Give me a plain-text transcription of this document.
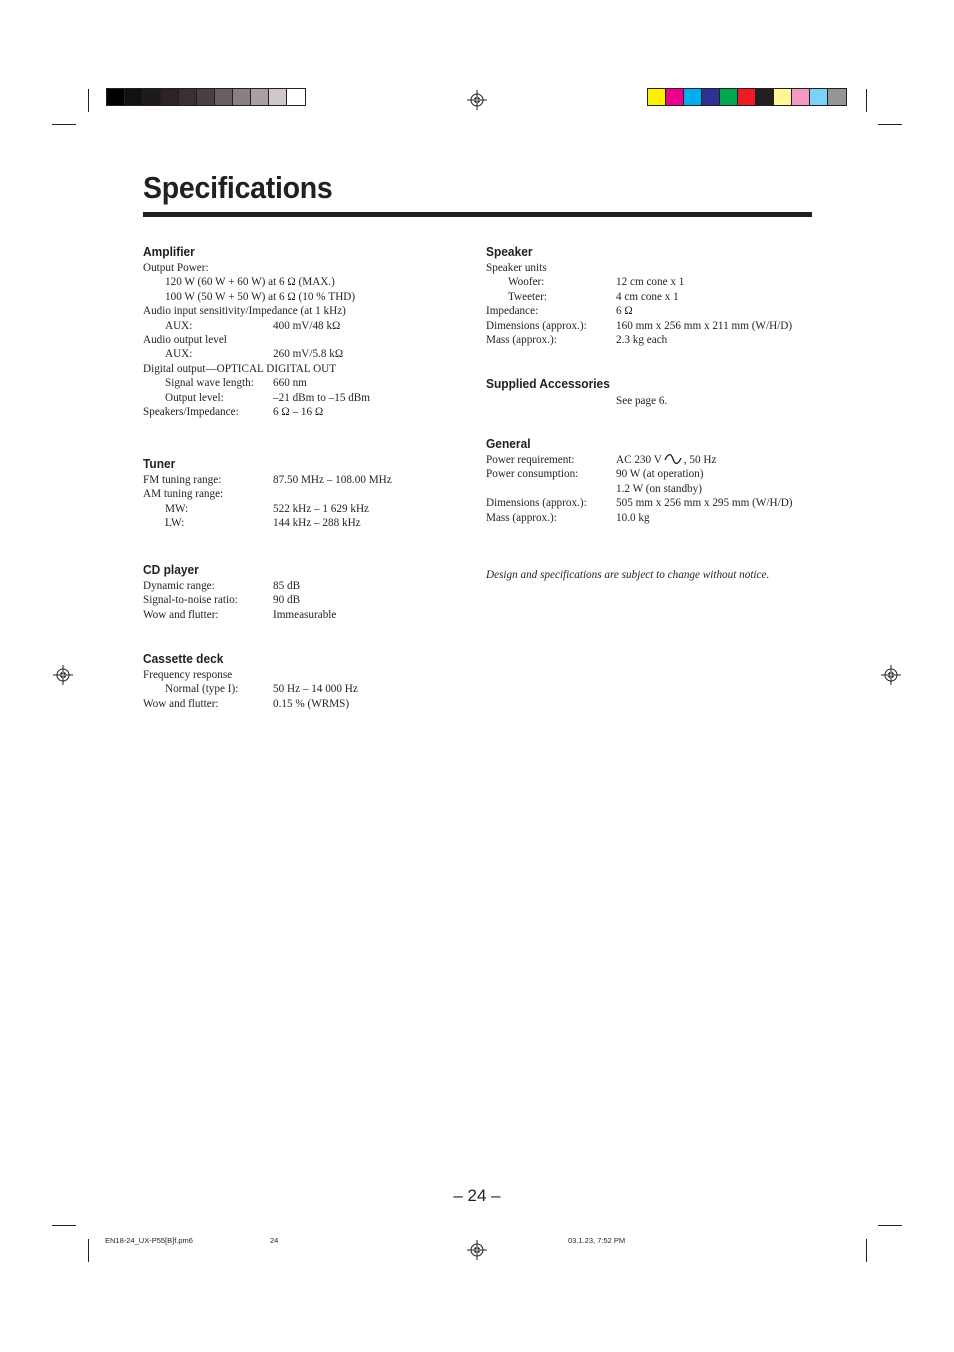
Specifications
Amplifier
Output Power:
120 W (60 W + 60 W) at 6 Ω (MAX.)
100 W (50 W + 50 W) at 6 Ω (10 % THD)
Audio input sensitivity/Impedance (at 1 kHz)
AUX:	400 mV/48 kΩ
Audio output level
AUX:	260 mV/5.8 kΩ
Digital output—OPTICAL DIGITAL OUT
Signal wave length: 660 nm
Output level:	–21 dBm to –15 dBm
Speakers/Impedance:	6 Ω – 16 Ω
Tuner
FM tuning range:	87.50 MHz – 108.00 MHz
AM tuning range:
MW:	522 kHz – 1 629 kHz
LW:	144 kHz – 288 kHz
CD player
Dynamic range:	85 dB
Signal-to-noise ratio:	90 dB
Wow and flutter:	Immeasurable
Cassette deck
Frequency response
Normal (type I):	50 Hz – 14 000 Hz
Wow and flutter:	0.15 % (WRMS)
Speaker
Speaker units
Woofer:	12 cm cone x 1
Tweeter:	4 cm cone x 1
Impedance:	6 Ω
Dimensions (approx.):	160 mm x 256 mm x 211 mm (W/H/D)
Mass (approx.):	2.3 kg each
Supplied Accessories
See page 6.
General
Power requirement:	AC 230 V , 50 Hz
Power consumption:	90 W (at operation)
1.2 W (on standby)
Dimensions (approx.):	505 mm x 256 mm x 295 mm (W/H/D)
Mass (approx.):	10.0 kg
Design and specifications are subject to change without notice.
– 24 –
EN18-24_UX-P55[B]f.pm6	24	03.1.23, 7:52 PM
